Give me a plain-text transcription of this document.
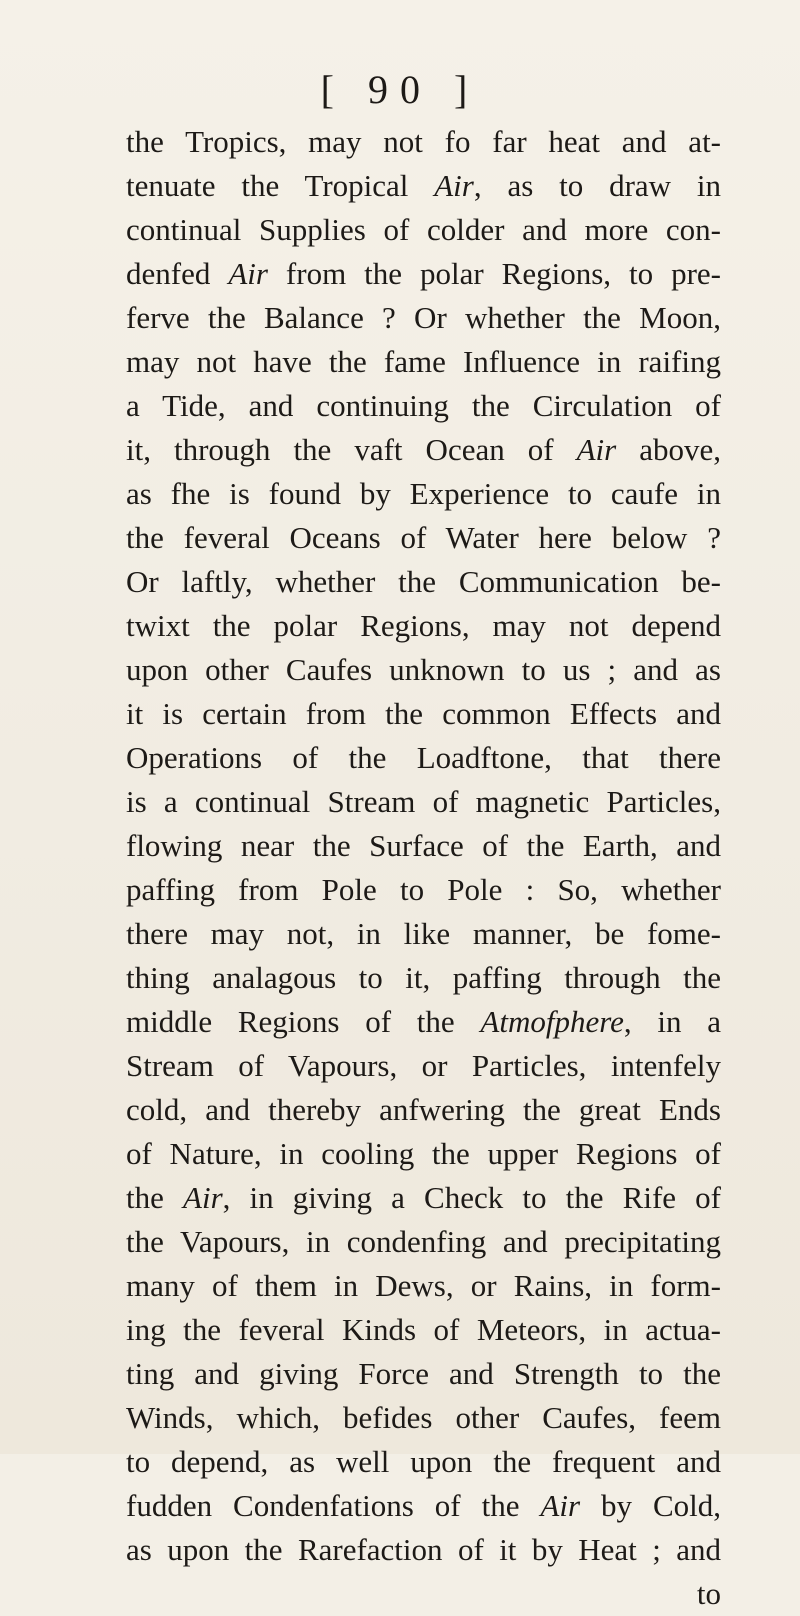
[ 90 ]
the Tropics, may not fo far heat and at-
tenuate the Tropical Air, as to draw in
continual Supplies of colder and more con-
denfed Air from the polar Regions, to pre-
ferve the Balance ? Or whether the Moon,
may not have the fame Influence in raifing
a Tide, and continuing the Circulation of
it, through the vaft Ocean of Air above,
as fhe is found by Experience to caufe in
the feveral Oceans of Water here below ?
Or laftly, whether the Communication be-
twixt the polar Regions, may not depend
upon other Caufes unknown to us ; and as
it is certain from the common Effects and
Operations of the Loadftone, that there
is a continual Stream of magnetic Particles,
flowing near the Surface of the Earth, and
paffing from Pole to Pole : So, whether
there may not, in like manner, be fome-
thing analagous to it, paffing through the
middle Regions of the Atmofphere, in a
Stream of Vapours, or Particles, intenfely
cold, and thereby anfwering the great Ends
of Nature, in cooling the upper Regions of
the Air, in giving a Check to the Rife of
the Vapours, in condenfing and precipitating
many of them in Dews, or Rains, in form-
ing the feveral Kinds of Meteors, in actua-
ting and giving Force and Strength to the
Winds, which, befides other Caufes, feem
to depend, as well upon the frequent and
fudden Condenfations of the Air by Cold,
as upon the Rarefaction of it by Heat ; and
to
